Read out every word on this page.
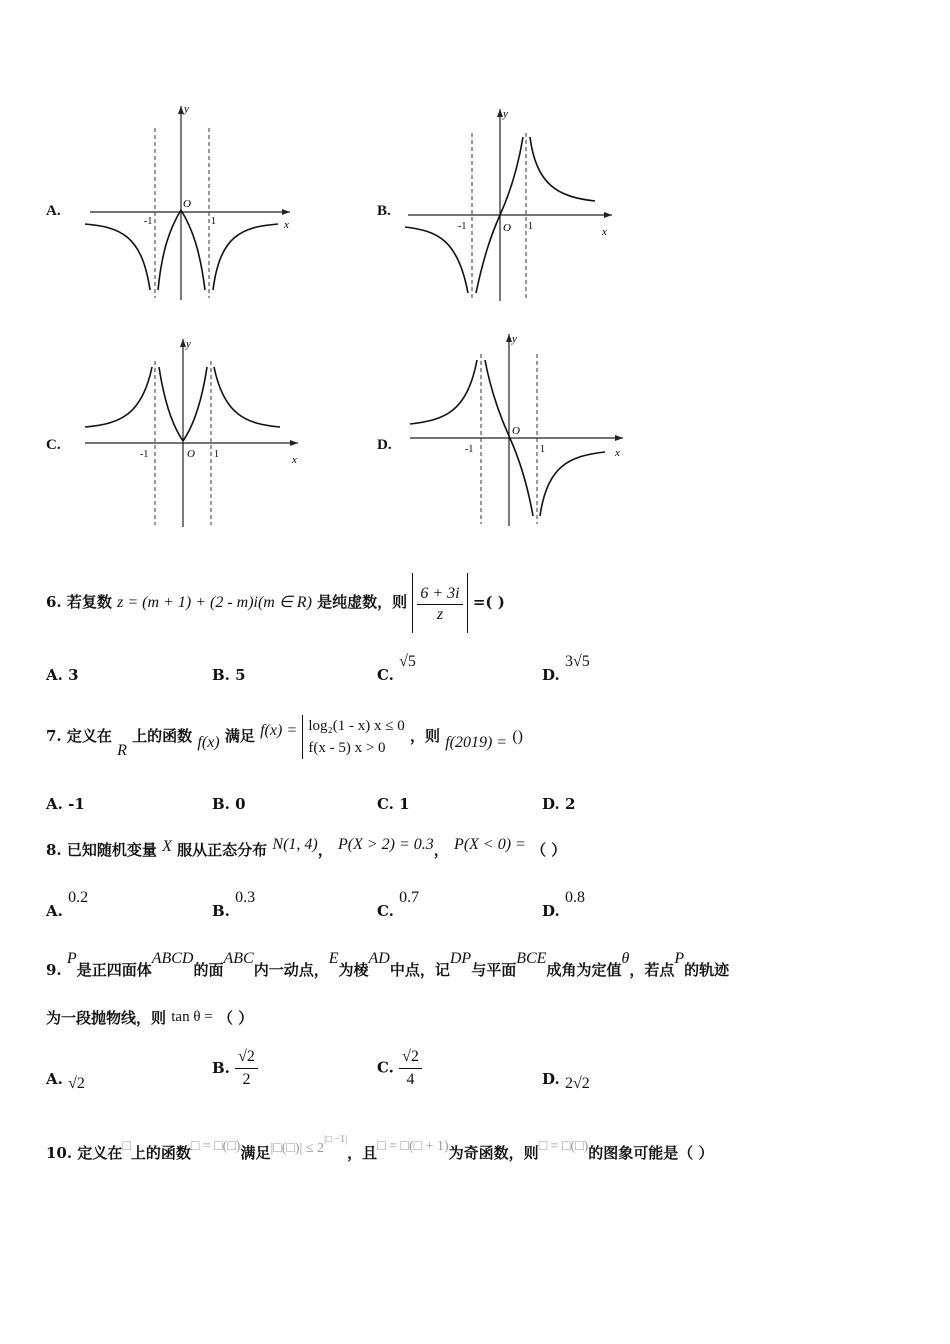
A.
y
x
O
-1	1
B.
y
x
O
-1	1
C.
y
x
O
-1	1
D.
y
x
O
-1	1
6. 若复数 z = (m + 1) + (2 - m)i(m ∈ R) 是纯虚数，则 $\frac{6 + 3i}{z}$ =( )
A. 3	B. 5	C. √5
D. 3√5
7. 定义在 R 上的函数 f(x) 满足 f(x) = log₂(1 - x) x ≤ 0
f(x - 5) x > 0
，则 f(2019) = ()
A. -1	B. 0	C. 1	D. 2
8. 已知随机变量 X 服从正态分布 N(1, 4)， P(X > 2) = 0.3， P(X < 0) = （ ）
A. 0.2
B. 0.3
C. 0.7
D. 0.8
9. P是正四面体ABCD的面ABC内一动点，E为棱AD中点，记DP与平面BCE成角为定值θ，若点P的轨迹
为一段抛物线，则 tan θ = （ ）
A. √2
B. $\frac{√2}{2}$	C. $\frac{√2}{4}$	D. 2√2
10. 定义在□上的函数□ = □(□)满足|□(□)| ≤ $2^{|□ -1|}$，且□ = □(□ + 1)为奇函数，则□ = □(□)的图象可能是（ ）
